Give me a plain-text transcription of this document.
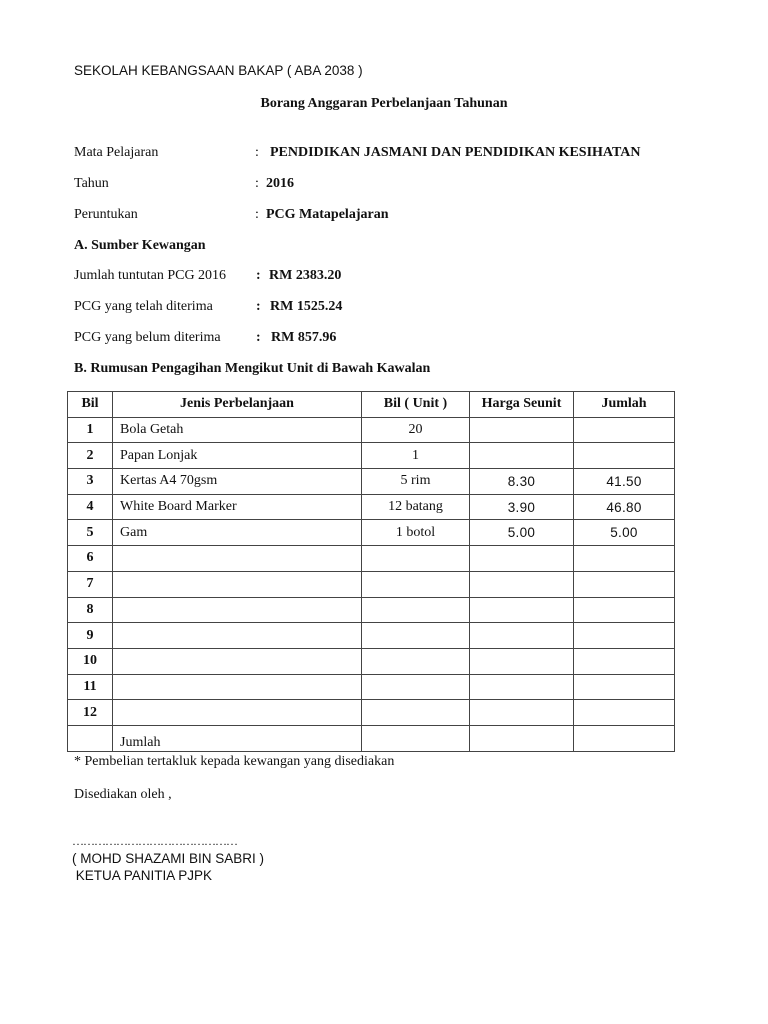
SEKOLAH KEBANGSAAN BAKAP ( ABA 2038 )
Borang Anggaran Perbelanjaan Tahunan
Mata Pelajaran	: PENDIDIKAN JASMANI DAN PENDIDIKAN KESIHATAN
Tahun	: 2016
Peruntukan	: PCG Matapelajaran
A. Sumber Kewangan
Jumlah tuntutan PCG 2016 : RM 2383.20
PCG yang telah diterima	: RM 1525.24
PCG yang belum diterima	: RM 857.96
B. Rumusan Pengagihan Mengikut Unit di Bawah Kawalan
Bil	Jenis Perbelanjaan	Bil ( Unit )	Harga Seunit	Jumlah
1	Bola Getah	20		
2	Papan Lonjak	1		
3	Kertas A4 70gsm	5 rim	8.30	41.50
4	White Board Marker	12 batang	3.90	46.80
5	Gam	1 botol	5.00	5.00
6				
7				
8				
9				
10				
11				
12				
	Jumlah			
* Pembelian tertakluk kepada kewangan yang disediakan
Disediakan oleh ,
………………………………………
( MOHD SHAZAMI BIN SABRI )
KETUA PANITIA PJPK
